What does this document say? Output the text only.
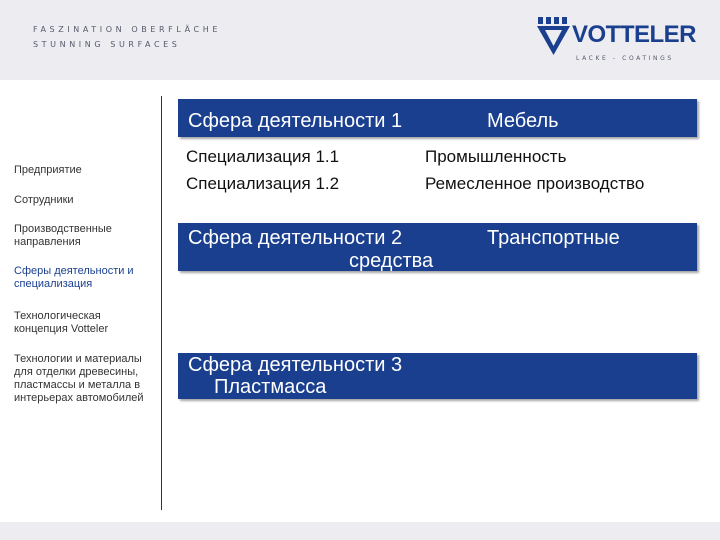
FASZINATION OBERFLÄCHE
STUNNING SURFACES	VOTTELER
LACKE - COATINGS
Предприятие
Сотрудники
Производственные направления
Сферы деятельности и специализация
Технологическая концепция Votteler
Технологии и материалы для отделки древесины, пластмассы и металла в интерьерах автомобилей
Сфера деятельности 1	Мебель
Специализация 1.1	Промышленность
Специализация 1.2	Ремесленное производство
Сфера деятельности 2	Транспортные
средства
Сфера деятельности 3
Пластмасса
